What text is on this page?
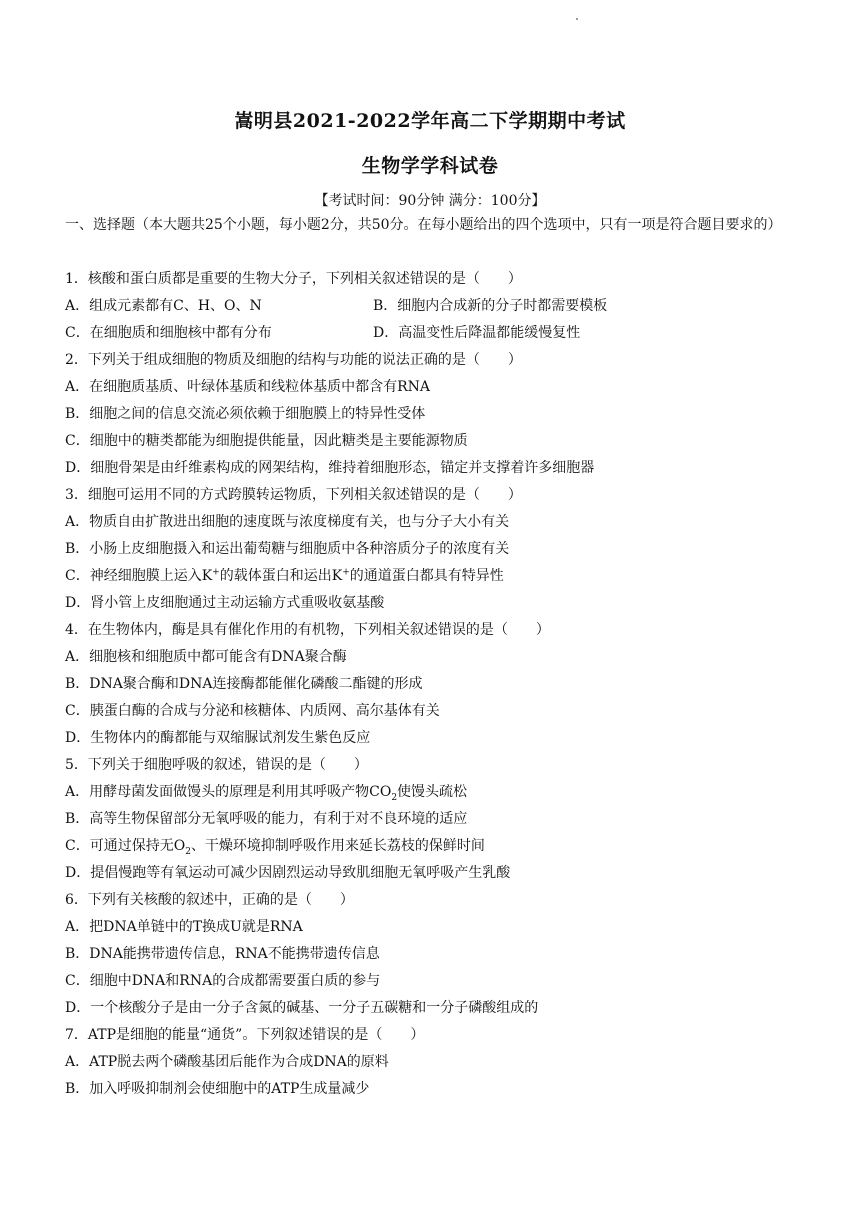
嵩明县2021-2022学年高二下学期期中考试
生物学学科试卷
【考试时间：90分钟 满分：100分】
一、选择题（本大题共25个小题，每小题2分，共50分。在每小题给出的四个选项中，只有一项是符合题目要求的）
1．核酸和蛋白质都是重要的生物大分子，下列相关叙述错误的是（　　）
A．组成元素都有C、H、O、N	B．细胞内合成新的分子时都需要模板
C．在细胞质和细胞核中都有分布	D．高温变性后降温都能缓慢复性
2．下列关于组成细胞的物质及细胞的结构与功能的说法正确的是（　　）
A．在细胞质基质、叶绿体基质和线粒体基质中都含有RNA
B．细胞之间的信息交流必须依赖于细胞膜上的特异性受体
C．细胞中的糖类都能为细胞提供能量，因此糖类是主要能源物质
D．细胞骨架是由纤维素构成的网架结构，维持着细胞形态，锚定并支撑着许多细胞器
3．细胞可运用不同的方式跨膜转运物质，下列相关叙述错误的是（　　）
A．物质自由扩散进出细胞的速度既与浓度梯度有关，也与分子大小有关
B．小肠上皮细胞摄入和运出葡萄糖与细胞质中各种溶质分子的浓度有关
C．神经细胞膜上运入K+的载体蛋白和运出K+的通道蛋白都具有特异性
D．肾小管上皮细胞通过主动运输方式重吸收氨基酸
4．在生物体内，酶是具有催化作用的有机物，下列相关叙述错误的是（　　）
A．细胞核和细胞质中都可能含有DNA聚合酶
B．DNA聚合酶和DNA连接酶都能催化磷酸二酯键的形成
C．胰蛋白酶的合成与分泌和核糖体、内质网、高尔基体有关
D．生物体内的酶都能与双缩脲试剂发生紫色反应
5．下列关于细胞呼吸的叙述，错误的是（　　）
A．用酵母菌发面做馒头的原理是利用其呼吸产物$CO_2$使馒头疏松
B．高等生物保留部分无氧呼吸的能力，有利于对不良环境的适应
C．可通过保持无$O_2$、干燥环境抑制呼吸作用来延长荔枝的保鲜时间
D．提倡慢跑等有氧运动可减少因剧烈运动导致肌细胞无氧呼吸产生乳酸
6．下列有关核酸的叙述中，正确的是（　　）
A．把DNA单链中的T换成U就是RNA
B．DNA能携带遗传信息，RNA不能携带遗传信息
C．细胞中DNA和RNA的合成都需要蛋白质的参与
D．一个核酸分子是由一分子含氮的碱基、一分子五碳糖和一分子磷酸组成的
7．ATP是细胞的能量“通货”。下列叙述错误的是（　　）
A．ATP脱去两个磷酸基团后能作为合成DNA的原料
B．加入呼吸抑制剂会使细胞中的ATP生成量减少
